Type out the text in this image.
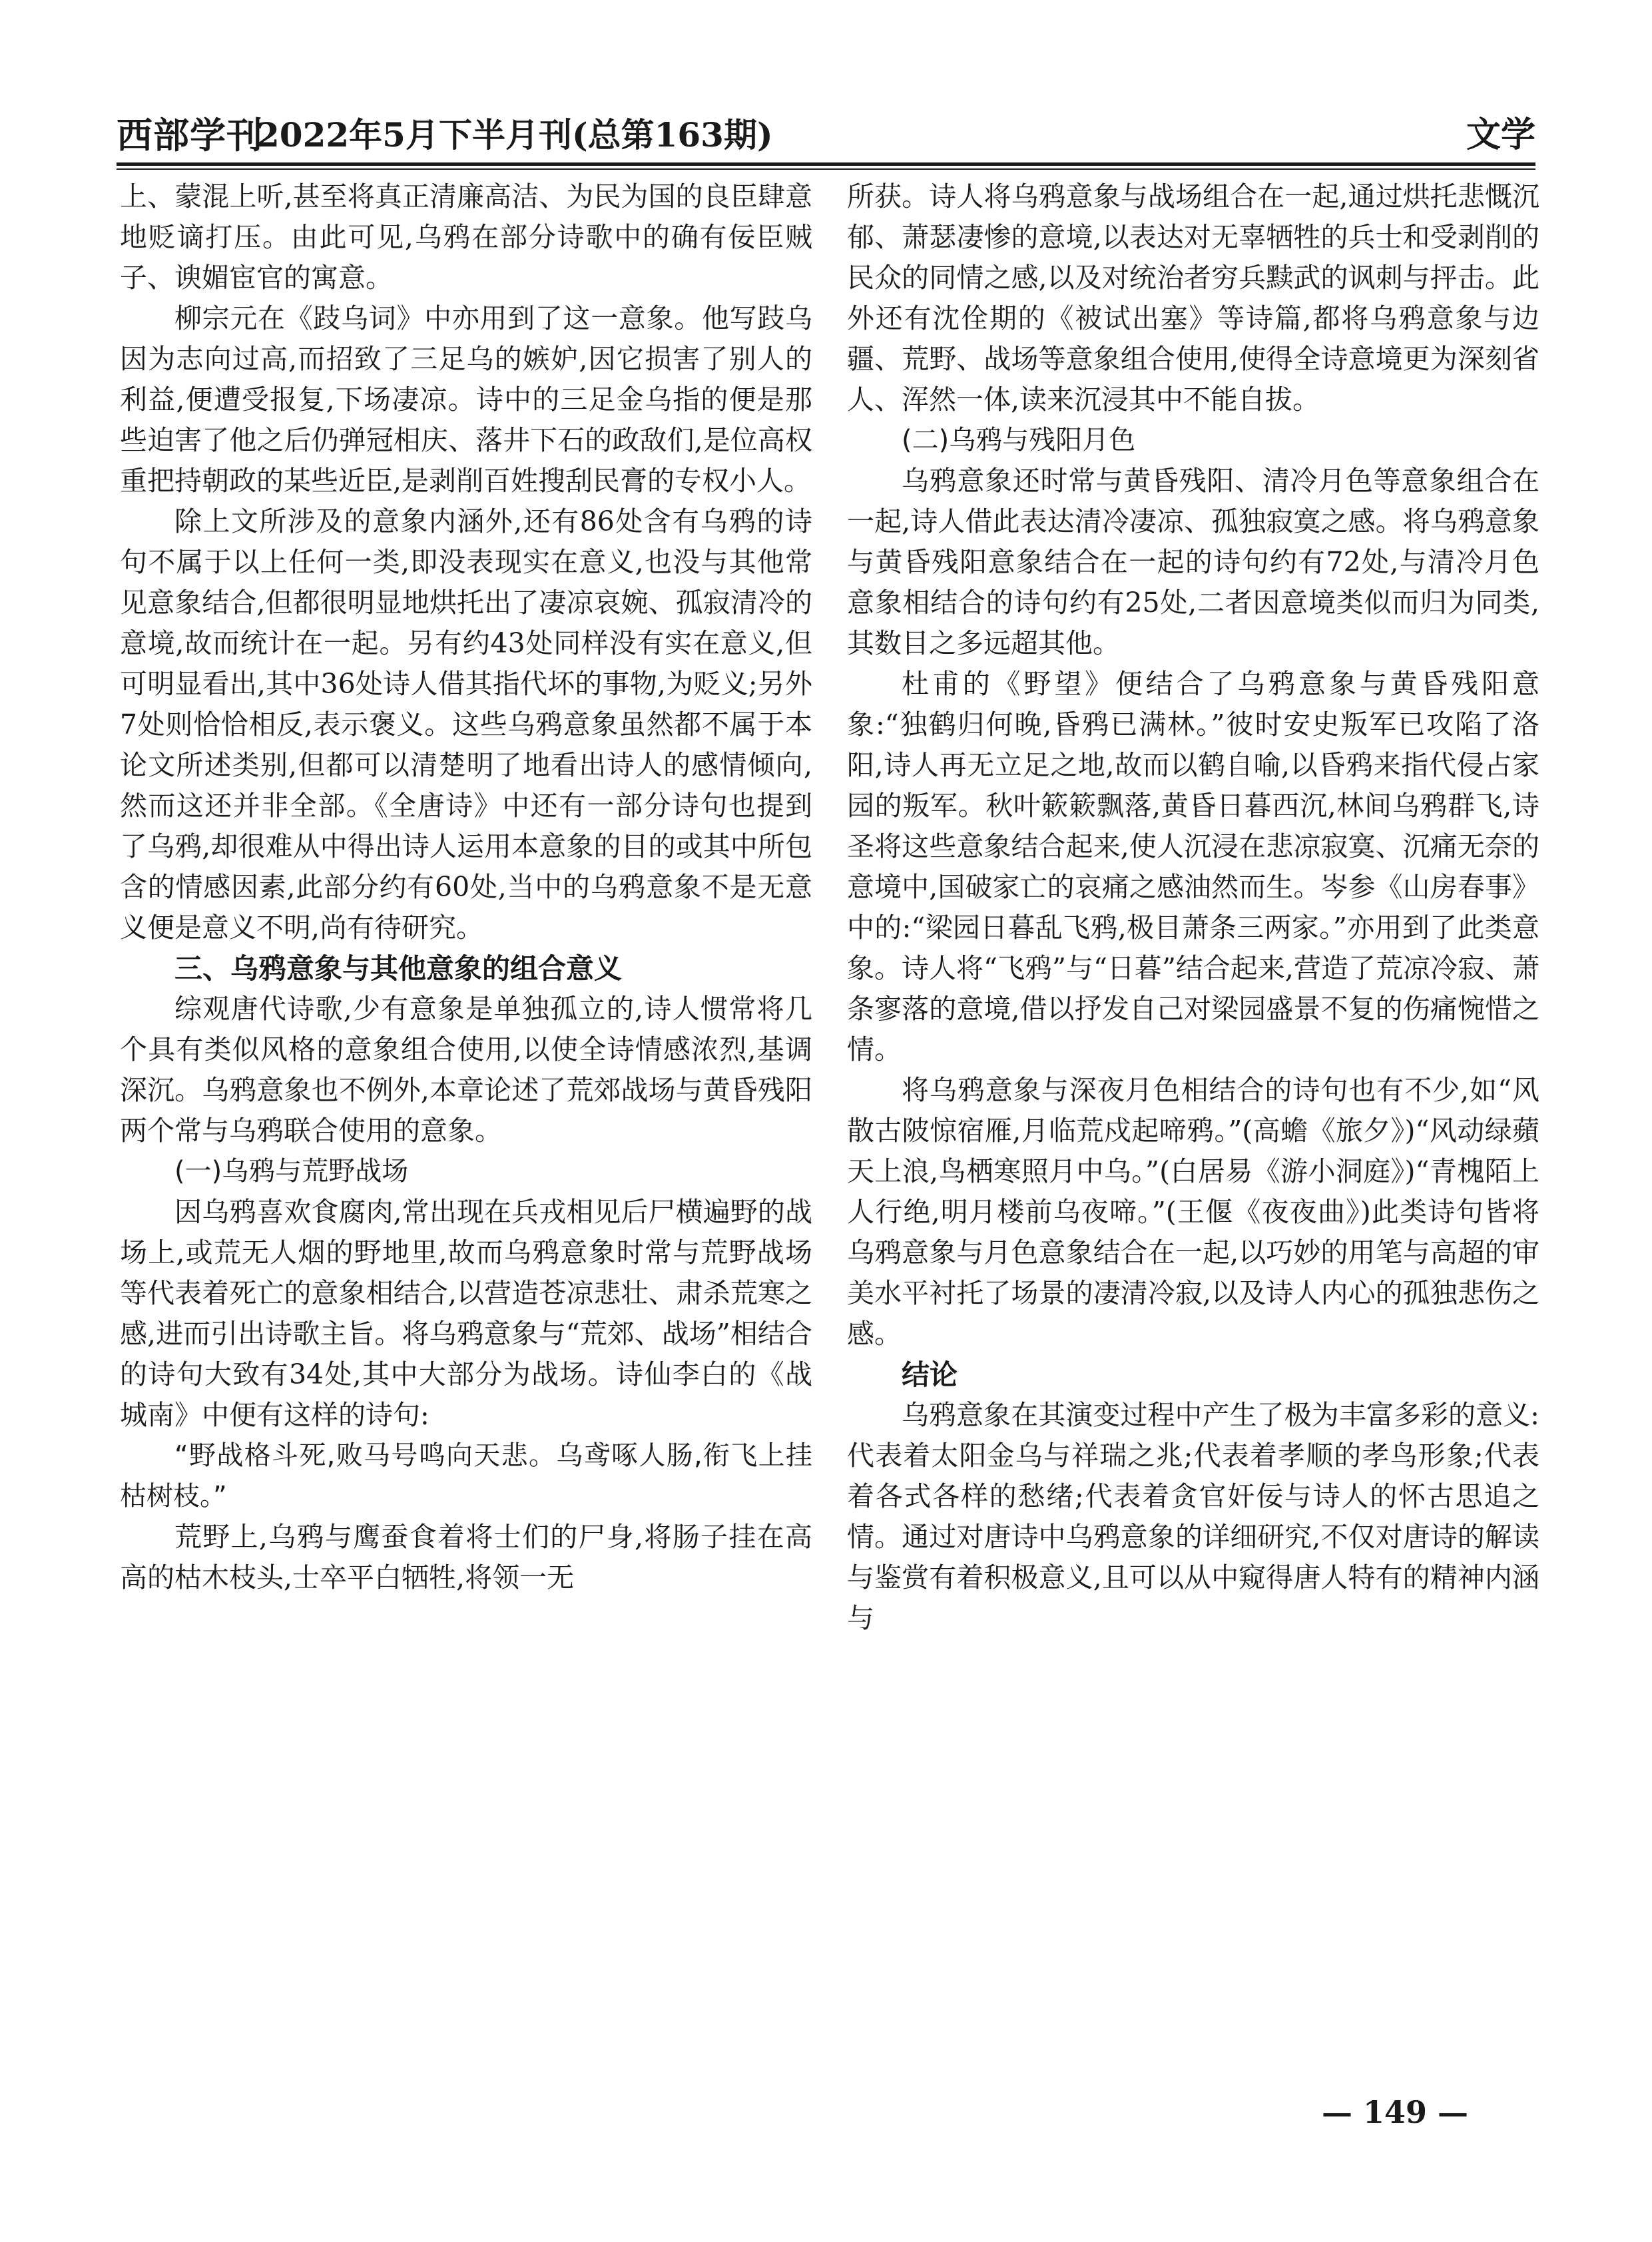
西部学刊
2022年5月下半月刊(总第163期)	文学

上、蒙混上听,甚至将真正清廉高洁、为民为国的良臣肆意地贬谪打压。由此可见,乌鸦在部分诗歌中的确有佞臣贼子、谀媚宦官的寓意。

柳宗元在《跂乌词》中亦用到了这一意象。他写跂乌因为志向过高,而招致了三足乌的嫉妒,因它损害了别人的利益,便遭受报复,下场凄凉。诗中的三足金乌指的便是那些迫害了他之后仍弹冠相庆、落井下石的政敌们,是位高权重把持朝政的某些近臣,是剥削百姓搜刮民膏的专权小人。

除上文所涉及的意象内涵外,还有86处含有乌鸦的诗句不属于以上任何一类,即没表现实在意义,也没与其他常见意象结合,但都很明显地烘托出了凄凉哀婉、孤寂清冷的意境,故而统计在一起。另有约43处同样没有实在意义,但可明显看出,其中36处诗人借其指代坏的事物,为贬义;另外7处则恰恰相反,表示褒义。这些乌鸦意象虽然都不属于本论文所述类别,但都可以清楚明了地看出诗人的感情倾向,然而这还并非全部。《全唐诗》中还有一部分诗句也提到了乌鸦,却很难从中得出诗人运用本意象的目的或其中所包含的情感因素,此部分约有60处,当中的乌鸦意象不是无意义便是意义不明,尚有待研究。

三、乌鸦意象与其他意象的组合意义

综观唐代诗歌,少有意象是单独孤立的,诗人惯常将几个具有类似风格的意象组合使用,以使全诗情感浓烈,基调深沉。乌鸦意象也不例外,本章论述了荒郊战场与黄昏残阳两个常与乌鸦联合使用的意象。

(一)乌鸦与荒野战场

因乌鸦喜欢食腐肉,常出现在兵戎相见后尸横遍野的战场上,或荒无人烟的野地里,故而乌鸦意象时常与荒野战场等代表着死亡的意象相结合,以营造苍凉悲壮、肃杀荒寒之感,进而引出诗歌主旨。将乌鸦意象与“荒郊、战场”相结合的诗句大致有34处,其中大部分为战场。诗仙李白的《战城南》中便有这样的诗句:

“野战格斗死,败马号鸣向天悲。乌鸢啄人肠,衔飞上挂枯树枝。”

荒野上,乌鸦与鹰蚕食着将士们的尸身,将肠子挂在高高的枯木枝头,士卒平白牺牲,将领一无

所获。诗人将乌鸦意象与战场组合在一起,通过烘托悲慨沉郁、萧瑟凄惨的意境,以表达对无辜牺牲的兵士和受剥削的民众的同情之感,以及对统治者穷兵黩武的讽刺与抨击。此外还有沈佺期的《被试出塞》等诗篇,都将乌鸦意象与边疆、荒野、战场等意象组合使用,使得全诗意境更为深刻省人、浑然一体,读来沉浸其中不能自拔。

(二)乌鸦与残阳月色

乌鸦意象还时常与黄昏残阳、清冷月色等意象组合在一起,诗人借此表达清冷凄凉、孤独寂寞之感。将乌鸦意象与黄昏残阳意象结合在一起的诗句约有72处,与清冷月色意象相结合的诗句约有25处,二者因意境类似而归为同类,其数目之多远超其他。

杜甫的《野望》便结合了乌鸦意象与黄昏残阳意象:“独鹤归何晚,昏鸦已满林。”彼时安史叛军已攻陷了洛阳,诗人再无立足之地,故而以鹤自喻,以昏鸦来指代侵占家园的叛军。秋叶簌簌飘落,黄昏日暮西沉,林间乌鸦群飞,诗圣将这些意象结合起来,使人沉浸在悲凉寂寞、沉痛无奈的意境中,国破家亡的哀痛之感油然而生。岑参《山房春事》中的:“梁园日暮乱飞鸦,极目萧条三两家。”亦用到了此类意象。诗人将“飞鸦”与“日暮”结合起来,营造了荒凉冷寂、萧条寥落的意境,借以抒发自己对梁园盛景不复的伤痛惋惜之情。

将乌鸦意象与深夜月色相结合的诗句也有不少,如“风散古陂惊宿雁,月临荒戍起啼鸦。”(高蟾《旅夕》)“风动绿蘋天上浪,鸟栖寒照月中乌。”(白居易《游小洞庭》)“青槐陌上人行绝,明月楼前乌夜啼。”(王偃《夜夜曲》)此类诗句皆将乌鸦意象与月色意象结合在一起,以巧妙的用笔与高超的审美水平衬托了场景的凄清冷寂,以及诗人内心的孤独悲伤之感。

结论

乌鸦意象在其演变过程中产生了极为丰富多彩的意义:代表着太阳金乌与祥瑞之兆;代表着孝顺的孝鸟形象;代表着各式各样的愁绪;代表着贪官奸佞与诗人的怀古思追之情。通过对唐诗中乌鸦意象的详细研究,不仅对唐诗的解读与鉴赏有着积极意义,且可以从中窥得唐人特有的精神内涵与

— 149 —
